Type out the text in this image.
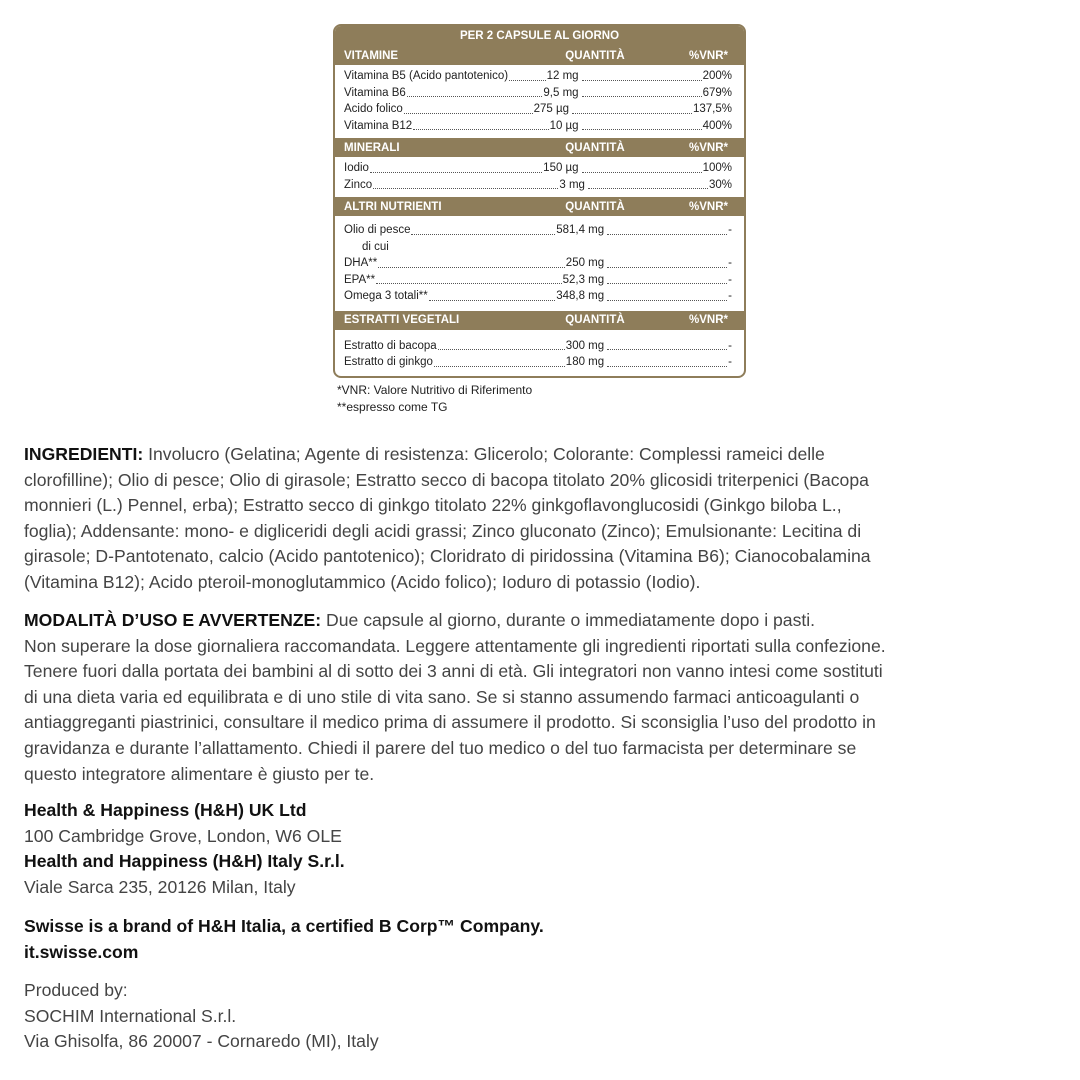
PER 2 CAPSULE AL GIORNO
VITAMINE	QUANTITÀ	%VNR*
Vitamina B5 (Acido pantotenico)	12 mg	200%
Vitamina B6	9,5 mg	679%
Acido folico	275 µg	137,5%
Vitamina B12	10 µg	400%
MINERALI	QUANTITÀ	%VNR*
Iodio	150 µg	100%
Zinco	3 mg	30%
ALTRI NUTRIENTI	QUANTITÀ	%VNR*
Olio di pesce	581,4 mg	-
di cui
DHA**	250 mg	-
EPA**	52,3 mg	-
Omega 3 totali**	348,8 mg	-
ESTRATTI VEGETALI	QUANTITÀ	%VNR*
Estratto di bacopa	300 mg	-
Estratto di ginkgo	180 mg	-
*VNR: Valore Nutritivo di Riferimento
**espresso come TG
INGREDIENTI: Involucro (Gelatina; Agente di resistenza: Glicerolo; Colorante: Complessi rameici delle
clorofilline); Olio di pesce; Olio di girasole; Estratto secco di bacopa titolato 20% glicosidi triterpenici (Bacopa
monnieri (L.) Pennel, erba); Estratto secco di ginkgo titolato 22% ginkgoflavonglucosidi (Ginkgo biloba L.,
foglia); Addensante: mono- e digliceridi degli acidi grassi; Zinco gluconato (Zinco); Emulsionante: Lecitina di
girasole; D-Pantotenato, calcio (Acido pantotenico); Cloridrato di piridossina (Vitamina B6); Cianocobalamina
(Vitamina B12); Acido pteroil-monoglutammico (Acido folico); Ioduro di potassio (Iodio).
MODALITÀ D’USO E AVVERTENZE: Due capsule al giorno, durante o immediatamente dopo i pasti.
Non superare la dose giornaliera raccomandata. Leggere attentamente gli ingredienti riportati sulla confezione.
Tenere fuori dalla portata dei bambini al di sotto dei 3 anni di età. Gli integratori non vanno intesi come sostituti
di una dieta varia ed equilibrata e di uno stile di vita sano. Se si stanno assumendo farmaci anticoagulanti o
antiaggreganti piastrinici, consultare il medico prima di assumere il prodotto. Si sconsiglia l’uso del prodotto in
gravidanza e durante l’allattamento. Chiedi il parere del tuo medico o del tuo farmacista per determinare se
questo integratore alimentare è giusto per te.
Health & Happiness (H&H) UK Ltd
100 Cambridge Grove, London, W6 OLE
Health and Happiness (H&H) Italy S.r.l.
Viale Sarca 235, 20126 Milan, Italy
Swisse is a brand of H&H Italia, a certified B Corp™ Company.
it.swisse.com
Produced by:
SOCHIM International S.r.l.
Via Ghisolfa, 86 20007 - Cornaredo (MI), Italy
